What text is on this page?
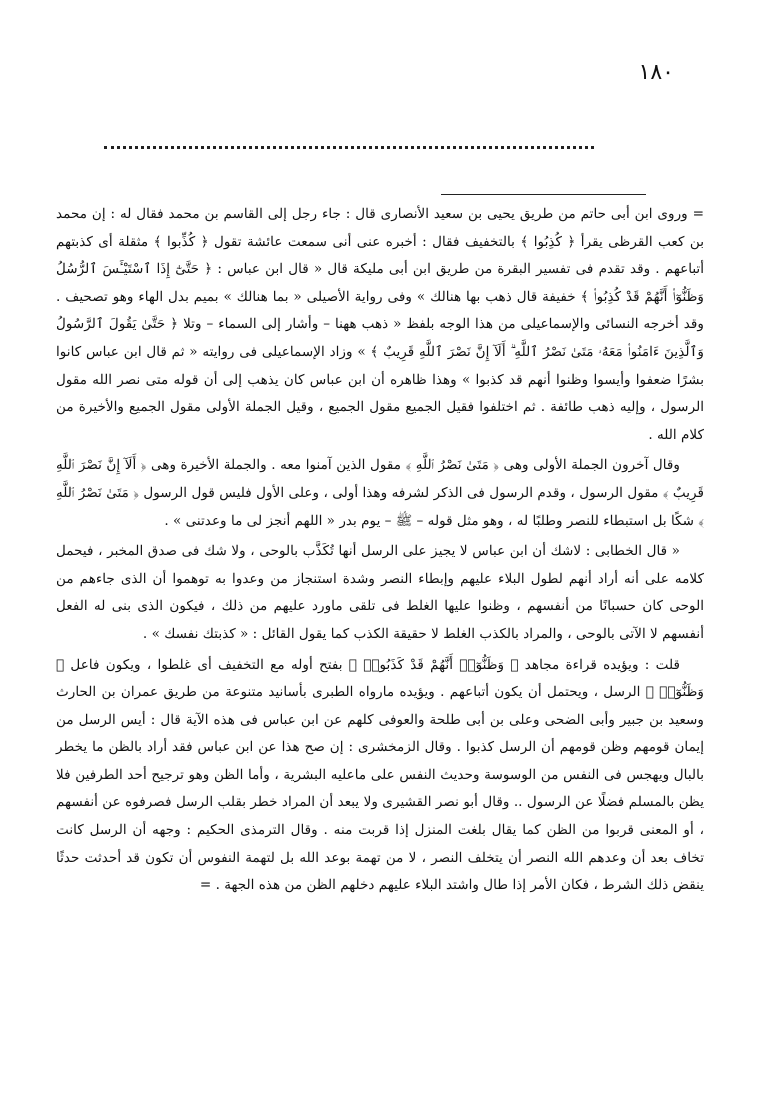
١٨٠

= وروى ابن أبى حاتم من طريق يحيى بن سعيد الأنصارى قال : جاء رجل إلى القاسم بن محمد فقال له : إن محمد بن كعب القرظى يقرأ ﴿ كُذِبُوا ﴾ بالتخفيف فقال : أخبره عنى أنى سمعت عائشة تقول ﴿ كُذِّبوا ﴾ مثقلة أى كذبتهم أتباعهم . وقد تقدم فى تفسير البقرة من طريق ابن أبى مليكة قال « قال ابن عباس : ﴿ حَتَّىٰٓ إِذَا ٱسْتَيْـَٔسَ ٱلرُّسُلُ وَظَنُّوٓا۟ أَنَّهُمْ قَدْ كُذِبُوا۟ ﴾ خفيفة قال ذهب بها هنالك » وفى رواية الأصيلى « بما هنالك » بميم بدل الهاء وهو تصحيف . وقد أخرجه النسائى والإسماعيلى من هذا الوجه بلفظ « ذهب ههنا – وأشار إلى السماء – وتلا ﴿ حَتَّىٰ يَقُولَ ٱلرَّسُولُ وَٱلَّذِينَ ءَامَنُوا۟ مَعَهُۥ مَتَىٰ نَصْرُ ٱللَّهِ ۗ أَلَآ إِنَّ نَصْرَ ٱللَّهِ قَرِيبٌ ﴾ » وزاد الإسماعيلى فى روايته « ثم قال ابن عباس كانوا بشرًا ضعفوا وأيسوا وظنوا أنهم قد كذبوا » وهذا ظاهره أن ابن عباس كان يذهب إلى أن قوله متى نصر الله مقول الرسول ، وإليه ذهب طائفة . ثم اختلفوا فقيل الجميع مقول الجميع ، وقيل الجملة الأولى مقول الجميع والأخيرة من كلام الله .

وقال آخرون الجملة الأولى وهى ﴿ مَتَىٰ نَصْرُ ٱللَّهِ ﴾ مقول الذين آمنوا معه . والجملة الأخيرة وهى ﴿ أَلَآ إِنَّ نَصْرَ ٱللَّهِ قَرِيبٌ ﴾ مقول الرسول ، وقدم الرسول فى الذكر لشرفه وهذا أولى ، وعلى الأول فليس قول الرسول ﴿ مَتَىٰ نَصْرُ ٱللَّهِ ﴾ شكًا بل استبطاء للنصر وطلبًا له ، وهو مثل قوله – ﷺ – يوم بدر « اللهم أنجز لى ما وعدتنى » .

« قال الخطابى : لاشك أن ابن عباس لا يجيز على الرسل أنها تُكَذَّب بالوحى ، ولا شك فى صدق المخبر ، فيحمل كلامه على أنه أراد أنهم لطول البلاء عليهم وإبطاء النصر وشدة استنجاز من وعدوا به توهموا أن الذى جاءهم من الوحى كان حسبانًا من أنفسهم ، وظنوا عليها الغلط فى تلقى ماورد عليهم من ذلك ، فيكون الذى بنى له الفعل أنفسهم لا الآتى بالوحى ، والمراد بالكذب الغلط لا حقيقة الكذب كما يقول القائل : « كذبتك نفسك » .

قلت : ويؤيده قراءة مجاهد ﴿ وَظَنُّوٓا۟ أَنَّهُمْ قَدْ كَذَبُوا۟ ﴾ بفتح أوله مع التخفيف أى غلطوا ، ويكون فاعل ﴿ وَظَنُّوٓا۟ ﴾ الرسل ، ويحتمل أن يكون أتباعهم . ويؤيده مارواه الطبرى بأسانيد متنوعة من طريق عمران بن الحارث وسعيد بن جبير وأبى الضحى وعلى بن أبى طلحة والعوفى كلهم عن ابن عباس فى هذه الآية قال : أيس الرسل من إيمان قومهم وظن قومهم أن الرسل كذبوا . وقال الزمخشرى : إن صح هذا عن ابن عباس فقد أراد بالظن ما يخطر بالبال ويهجس فى النفس من الوسوسة وحديث النفس على ماعليه البشرية ، وأما الظن وهو ترجيح أحد الطرفين فلا يظن بالمسلم فضلًا عن الرسول .. وقال أبو نصر القشيرى ولا يبعد أن المراد خطر بقلب الرسل فصرفوه عن أنفسهم ، أو المعنى قربوا من الظن كما يقال بلغت المنزل إذا قربت منه . وقال الترمذى الحكيم : وجهه أن الرسل كانت تخاف بعد أن وعدهم الله النصر أن يتخلف النصر ، لا من تهمة بوعد الله بل لتهمة النفوس أن تكون قد أحدثت حدثًا ينقض ذلك الشرط ، فكان الأمر إذا طال واشتد البلاء عليهم دخلهم الظن من هذه الجهة . =
